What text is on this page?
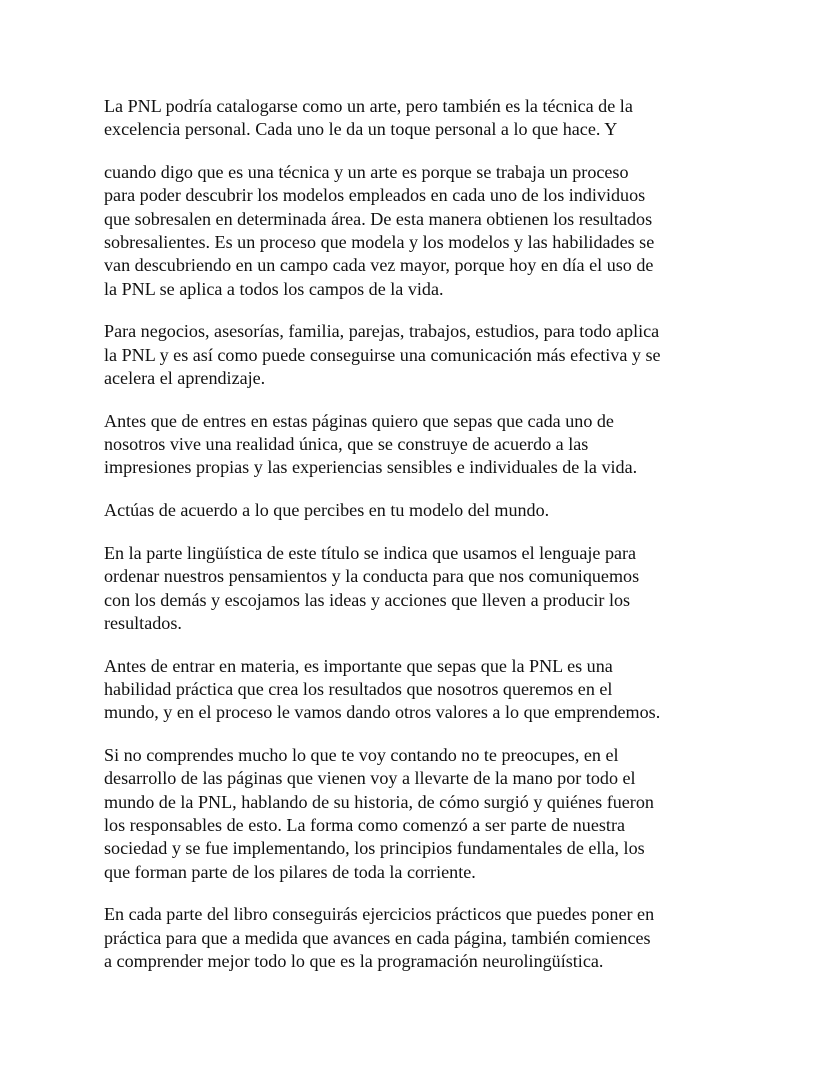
La PNL podría catalogarse como un arte, pero también es la técnica de la
excelencia personal. Cada uno le da un toque personal a lo que hace. Y

cuando digo que es una técnica y un arte es porque se trabaja un proceso
para poder descubrir los modelos empleados en cada uno de los individuos
que sobresalen en determinada área. De esta manera obtienen los resultados
sobresalientes. Es un proceso que modela y los modelos y las habilidades se
van descubriendo en un campo cada vez mayor, porque hoy en día el uso de
la PNL se aplica a todos los campos de la vida.

Para negocios, asesorías, familia, parejas, trabajos, estudios, para todo aplica
la PNL y es así como puede conseguirse una comunicación más efectiva y se
acelera el aprendizaje.

Antes que de entres en estas páginas quiero que sepas que cada uno de
nosotros vive una realidad única, que se construye de acuerdo a las
impresiones propias y las experiencias sensibles e individuales de la vida.

Actúas de acuerdo a lo que percibes en tu modelo del mundo.

En la parte lingüística de este título se indica que usamos el lenguaje para
ordenar nuestros pensamientos y la conducta para que nos comuniquemos
con los demás y escojamos las ideas y acciones que lleven a producir los
resultados.

Antes de entrar en materia, es importante que sepas que la PNL es una
habilidad práctica que crea los resultados que nosotros queremos en el
mundo, y en el proceso le vamos dando otros valores a lo que emprendemos.

Si no comprendes mucho lo que te voy contando no te preocupes, en el
desarrollo de las páginas que vienen voy a llevarte de la mano por todo el
mundo de la PNL, hablando de su historia, de cómo surgió y quiénes fueron
los responsables de esto. La forma como comenzó a ser parte de nuestra
sociedad y se fue implementando, los principios fundamentales de ella, los
que forman parte de los pilares de toda la corriente.

En cada parte del libro conseguirás ejercicios prácticos que puedes poner en
práctica para que a medida que avances en cada página, también comiences
a comprender mejor todo lo que es la programación neurolingüística.
